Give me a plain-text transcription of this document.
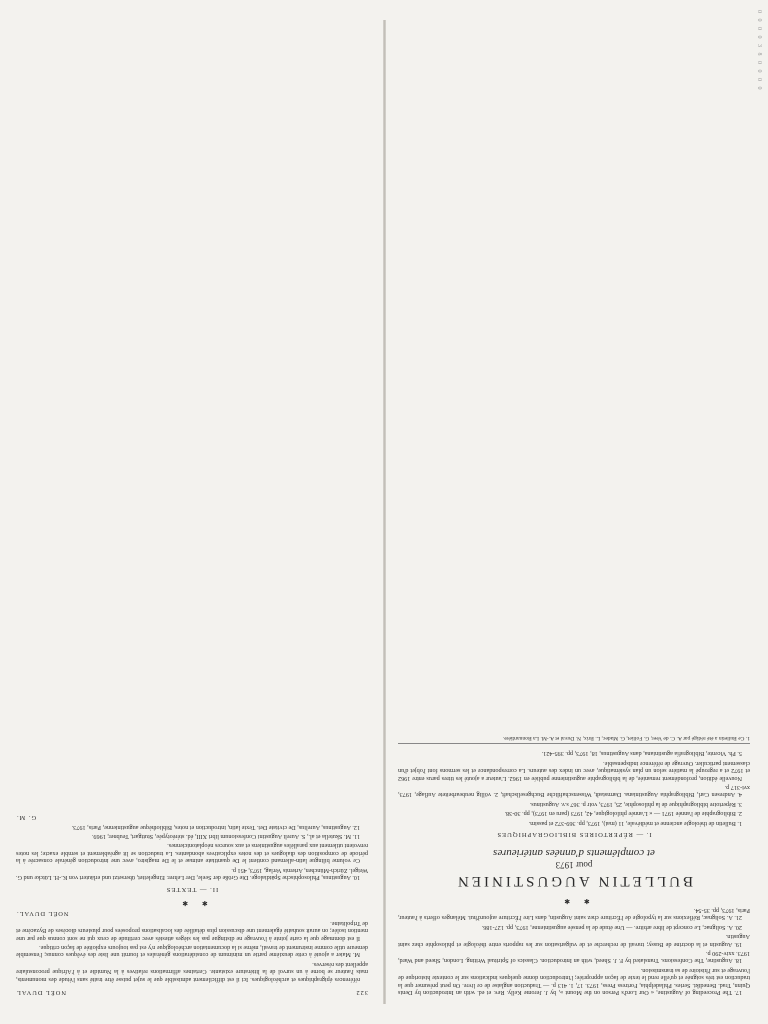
17. The Proceeding of Augustine, « Our Lord's Person on the Mount », by J. Jerome Kelly. Rev. et ed. with an Introduction by Denis Quinn, Trad. Benedikt. Series. Philadelphia, Fortress Press, 1973. 17, 1. 413 p. — Traduction anglaise de ce livre. On peut présumer que la traduction est très soignée et qu'elle rend le texte de façon appropriée; l'introduction donne quelques indications sur le contexte historique de l'ouvrage et sur l'histoire de sa transmission.

18. Augustine, The Confessions. Translated by F. J. Sheed, with an Introduction. Classics of Spiritual Writing. London, Sheed and Ward, 1973. xxiv-290 p.

19. Augustin et la doctrine de Bussy; travail de recherche et de vulgarisation sur les rapports entre théologie et philosophie chez saint Augustin.

20. A. Solignac, Le concept de libre arbitre. — Une étude de la pensée augustinienne, 1973, pp. 127-186.

21. A. Solignac, Réflexions sur la typologie de l'Écriture chez saint Augustin, dans Lire l'Écriture aujourd'hui. Mélanges offerts à l'auteur, Paris, 1973, pp. 35-54.

✱ ✱
BULLETIN AUGUSTINIEN
pour 1973
et compléments d'années antérieures
I. — RÉPERTOIRES BIBLIOGRAPHIQUES

1. Bulletin de théologie ancienne et médiévale, 11 (mai), 1973, pp. 369-372 et passim.

2. Bibliographie de l'année 1971 — « L'année philologique, 42, 1973 (paru en 1973), pp. 30-38.

3. Répertoire bibliographique de la philosophie, 25, 1973, voir p. 367 s.v. Augustinus.

4. Andresen Carl, Bibliographia Augustiniana. Darmstadt, Wissenschaftliche Buchgesellschaft, 2. völlig neubearbeitete Auflage, 1973, xvi-317 p.

Nouvelle édition, profondément remaniée, de la bibliographie augustinienne publiée en 1962. L'auteur a ajouté les titres parus entre 1962 et 1972 et a regroupé la matière selon un plan systématique, avec un index des auteurs. La correspondance et les sermons font l'objet d'un classement particulier. Ouvrage de référence indispensable.

5. Ph. Vicente, Bibliografía agustiniana, dans Augustinus, 18, 1973, pp. 395-421.

1. Ce Bulletin a été rédigé par A. C. de Veer, G. Folliet, G. Madec, L. Brix, N. Duval et A.-M. La Bonnardière.
322
NOËL DUVAL

références épigraphiques et archéologiques. Ici il est difficilement admissible que le sujet puisse être traité sans l'étude des monuments, mais l'auteur se borne à un survol de la littérature existante. Certaines affirmations relatives à la Numidie et à l'Afrique proconsulaire appellent des réserves.

M. Maier a ajouté à cette deuxième partie un minimum de considérations générales et fournit une liste des évêques connus; l'ensemble demeure utile comme instrument de travail, même si la documentation archéologique n'y est pas toujours exploitée de façon critique.

Il est dommage que la carte jointe à l'ouvrage ne distingue pas les sièges attestés avec certitude de ceux qui ne sont connus que par une mention isolée; on aurait souhaité également une discussion plus détaillée des localisations proposées pour plusieurs diocèses de Byzacène et de Tripolitaine.

NOËL DUVAL.
✱ ✱
II. — TEXTES

10. Augustinus, Philosophische Spätdialoge. Die Größe der Seele, Der Lehrer. Eingeleitet, übersetzt und erläutert von K.-H. Lütcke und G. Weigel. Zürich-München, Artemis Verlag, 1973, 451 p.

Ce volume bilingue latin-allemand contient le De quantitate animae et le De magistro, avec une introduction générale consacrée à la période de composition des dialogues et des notes explicatives abondantes. La traduction se lit agréablement et semble exacte; les notes renvoient utilement aux parallèles augustiniens et aux sources néoplatoniciennes.

11. M. Skutella et al., S. Aureli Augustini Confessionum libri XIII, éd. stéréotypée, Stuttgart, Teubner, 1969.

12. Augustinus, Aurelius, De civitate Dei. Texte latin, introduction et notes, Bibliothèque augustinienne, Paris, 1973.

G. M.
0 0 0 0 3 8 0 0 0 0
